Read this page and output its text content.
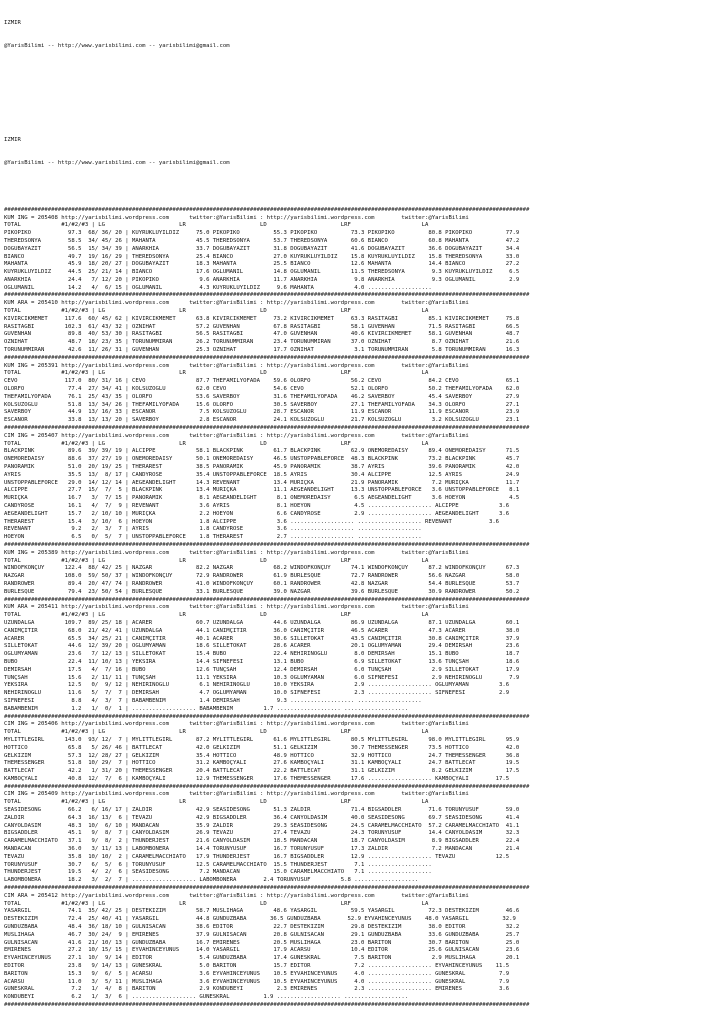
IZMIR

@YarisBilimi -- http://www.yarisbilimi.com -- yarisbilimi@gmail.com

IZMIR

@YarisBilimi -- http://www.yarisbilimi.com -- yarisbilimi@gmail.com

############################################################################################################################################################
KUM ING = 205408 http://yarisbilimi.wordpress.com      twitter:@YarisBilimi : http://yarisbilimi.wordpress.com        twitter:@YarisBilimi
TOTAL            #1/#2/#3 | LG                      LR                      LD                      LRF                     LA
PIKOPIKO           97.3  68/ 36/ 20 | KUYRUKLUYILDIZ     75.0 PIKOPIKO          55.3 PIKOPIKO          73.3 PIKOPIKO          80.8 PIKOPIKO          77.9
THEREDSONYA        58.5  34/ 45/ 26 | MAHANTA            45.5 THEREDSONYA       53.7 THEREDSONYA       60.6 BIANCO            60.8 MAHANTA           47.2
DOGUBAYAZIT        56.5  15/ 34/ 39 | ANARKHIA           33.7 DOGUBAYAZIT       31.8 DOGUBAYAZIT       41.6 DOGUBAYAZIT       36.6 DOGUBAYAZIT       34.4
BIANCO             49.7  19/ 16/ 29 | THEREDSONYA        25.4 BIANCO            27.0 KUYRUKLUYILDIZ    15.8 KUYRUKLUYILDIZ    15.8 THEREDSONYA       33.0
MAHANTA            45.9  18/ 20/ 27 | DOGUBAYAZIT        18.3 MAHANTA           25.5 BIANCO            12.6 MAHANTA           14.4 BIANCO            27.2
KUYRUKLUYILDIZ     44.5  25/ 21/ 14 | BIANCO             17.6 OGLUMANIL         14.8 OGLUMANIL         11.5 THEREDSONYA        9.3 KUYRUKLUYILDIZ     6.5
ANARKHIA           24.4   7/ 12/ 20 | PIKOPIKO            9.6 ANARKHIA          11.7 ANARKHIA           9.8 ANARKHIA           9.3 OGLUMANIL          2.9
OGLUMANIL          14.2   4/  6/ 15 | OGLUMANIL           4.3 KUYRUKLUYILDIZ     9.6 MAHANTA            4.0 ...................
############################################################################################################################################################
KUM ARA = 205410 http://yarisbilimi.wordpress.com      twitter:@YarisBilimi : http://yarisbilimi.wordpress.com        twitter:@YarisBilimi
TOTAL            #1/#2/#3 | LG                      LR                      LD                      LRF                     LA
KIVIRCIKMEMET     117.6  60/ 45/ 62 | KIVIRCIKMEMET      63.8 KIVIRCIKMEMET     73.2 KIVIRCIKMEMET     63.3 RASITAGBI         85.1 KIVIRCIKMEMET     75.8
RASITAGBI         102.3  61/ 43/ 32 | ÖZNIHAT            57.2 GÜVENHAN          67.8 RASITAGBI         58.1 GÜVENHAN          71.5 RASITAGBI         66.5
GÜVENHAN           89.8  40/ 53/ 30 | RASITAGBI          56.5 RASITAGBI         47.0 GÜVENHAN          40.6 KIVIRCIKMEMET     58.1 GÜVENHAN          48.7
ÖZNIHAT            48.7  18/ 23/ 35 | TORUNUMMIRAN       26.2 TORUNUMMIRAN      23.4 TORUNUMMIRAN      37.0 ÖZNIHAT            8.7 ÖZNIHAT           21.6
TORUNUMMIRAN       42.6  11/ 26/ 31 | GÜVENHAN           25.3 ÖZNIHAT           17.7 ÖZNIHAT            3.1 TORUNUMMIRAN       5.8 TORUNUMMIRAN      16.3
############################################################################################################################################################
KUM ING = 205391 http://yarisbilimi.wordpress.com      twitter:@YarisBilimi : http://yarisbilimi.wordpress.com        twitter:@YarisBilimi
TOTAL            #1/#2/#3 | LG                      LR                      LD                      LRF                     LA
CEVO              117.0  80/ 31/ 16 | CEVO               87.7 THEFAMILYOFADA    59.6 OLORFO            56.2 CEVO              84.2 CEVO              65.1
OLORFO             77.4  27/ 34/ 41 | KOLSUZOGLU         62.0 CEVO              54.6 CEVO              52.1 OLORFO            50.2 THEFAMILYOFADA    62.0
THEFAMILYOFADA     76.1  25/ 43/ 35 | OLORFO             53.6 SAVERBOY          31.6 THEFAMILYOFADA    46.2 SAVERBOY          45.4 SAVERBOY          27.9
KOLSUZOGLU         51.8  13/ 34/ 26 | THEFAMILYOFADA     15.6 OLORFO            30.5 SAVERBOY          27.1 THEFAMILYOFADA    34.3 OLORFO            27.1
SAVERBOY           44.9  13/ 16/ 33 | ESCANOR             7.5 KOLSUZOGLU        28.7 ESCANOR           11.9 ESCANOR           11.9 ESCANOR           23.9
ESCANOR            33.8  13/ 13/ 20 | SAVERBOY            2.8 ESCANOR           24.1 KOLSUZOGLU        21.7 KOLSUZOGLU         3.2 KOLSUZOGLU        23.1
############################################################################################################################################################
CIM ING = 205407 http://yarisbilimi.wordpress.com      twitter:@YarisBilimi : http://yarisbilimi.wordpress.com        twitter:@YarisBilimi
TOTAL            #1/#2/#3 | LG                      LR                      LD                      LRF                     LA
BLACKPINK          89.6  39/ 39/ 19 | ALCIPPE            58.1 BLACKPINK         61.7 BLACKPINK         62.9 ONEMOREDAISY      89.4 ONEMOREDAISY      71.5
ONEMOREDAISY       88.6  37/ 27/ 19 | ONEMOREDAISY       50.1 ONEMOREDAISY      46.5 UNSTOPPABLEFORCE  48.3 BLACKPINK         73.2 BLACKPINK         45.7
PANORAMIK          51.0  20/ 19/ 25 | THERAREST          38.5 PANORAMIK         45.9 PANORAMIK         38.7 AYRIS             39.6 PANORAMIK         42.0
AYRIS              35.5  13/  8/ 17 | CANDYROSE          35.4 UNSTOPPABLEFORCE  18.5 AYRIS             30.4 ALCIPPE           12.5 AYRIS             24.9
UNSTOPPABLEFORCE   29.0  14/ 12/ 14 | AEGEANDELIGHT      14.3 REVENANT          13.4 MURIÇKA           21.9 PANORAMIK          7.2 MURIÇKA           11.7
ALCIPPE            27.7  15/  7/  5 | BLACKPINK          13.4 MURIÇKA           11.1 AEGEANDELIGHT     13.3 UNSTOPPABLEFORCE   3.6 UNSTOPPABLEFORCE   8.1
MURIÇKA            16.7   3/  7/ 15 | PANORAMIK           8.1 AEGEANDELIGHT      8.1 ONEMOREDAISY       6.5 AEGEANDELIGHT      3.6 HOEYON             4.5
CANDYROSE          16.1   4/  7/  9 | REVENANT            3.6 AYRIS              8.1 HOEYON             4.5 ................... ALCIPPE            3.6
AEGEANDELIGHT      15.7   2/ 10/ 10 | MURIÇKA             2.2 HOEYON             6.6 CANDYROSE          2.9 ................... AEGEANDELIGHT      3.6
THERAREST          15.4   3/ 10/  6 | HOEYON              1.8 ALCIPPE            3.6 ................... ................... REVENANT           3.6
REVENANT            9.2   2/  3/  7 | AYRIS               1.8 CANDYROSE          3.6 ................... ...................
HOEYON              6.5   0/  5/  7 | UNSTOPPABLEFORCE    1.8 THERAREST          2.7 ................... ...................
############################################################################################################################################################
KUM ING = 205389 http://yarisbilimi.wordpress.com      twitter:@YarisBilimi : http://yarisbilimi.wordpress.com        twitter:@YarisBilimi
TOTAL            #1/#2/#3 | LG                      LR                      LD                      LRF                     LA
WINDOFKONÇUY      122.4  88/ 42/ 25 | NAZGAR             82.2 NAZGAR            68.2 WINDOFKONÇUY      74.1 WINDOFKONÇUY      87.2 WINDOFKONÇUY      67.3
NAZGAR            108.0  59/ 50/ 37 | WINDOFKONÇUY       72.9 RANDROWER         61.9 BURLESQUE         72.7 RANDROWER         56.6 NAZGAR            58.0
RANDROWER          89.4  20/ 47/ 74 | RANDROWER          41.0 WINDOFKONÇUY      60.1 RANDROWER         42.8 NAZGAR            54.4 BURLESQUE         53.7
BURLESQUE          79.4  23/ 50/ 54 | BURLESQUE          33.1 BURLESQUE         39.0 NAZGAR            39.6 BURLESQUE         30.9 RANDROWER         50.2
############################################################################################################################################################
KUM ARA = 205411 http://yarisbilimi.wordpress.com      twitter:@YarisBilimi : http://yarisbilimi.wordpress.com        twitter:@YarisBilimi
TOTAL            #1/#2/#3 | LG                      LR                      LD                      LRF                     LA
UZUNDALGA         109.7  89/ 25/ 18 | ACARER             60.7 UZUNDALGA         44.6 UZUNDALGA         86.9 UZUNDALGA         87.1 UZUNDALGA         60.1
CANIMÇITIR         68.0  21/ 42/ 41 | UZUNDALGA          44.1 CANIMÇITIR        36.0 CANIMÇITIR        46.5 ACARER            47.3 ACARER            38.0
ACARER             65.5  34/ 25/ 21 | CANIMÇITIR         40.1 ACARER            30.6 SILLETOKAT        43.5 CANIMÇITIR        30.8 CANIMÇITIR        37.9
SILLETOKAT         44.6  12/ 39/ 20 | OGLUMYAMAN         18.6 SILLETOKAT        28.6 ACARER            20.1 OGLUMYAMAN        29.4 DEMIRSAH          23.6
OGLUMYAMAN         23.6   7/ 12/ 13 | SILLETOKAT         15.4 BUBO              22.4 NEHIRINOGLU        8.0 DEMIRSAH          15.1 BUBO              18.7
BUBO               22.4  11/ 10/ 13 | YEKSIRA            14.4 SIFNEFESI         13.1 BUBO               6.9 SILLETOKAT        13.6 TUNÇSAH           18.6
DEMIRSAH           17.5   4/  7/ 16 | BUBO               12.6 TUNÇSAH           12.4 DEMIRSAH           6.0 TUNÇSAH            2.9 SILLETOKAT        17.9
TUNÇSAH            15.6   2/ 11/ 11 | TUNÇSAH            11.1 YEKSIRA           10.3 OGLUMYAMAN         6.0 SIFNEFESI          2.9 NEHIRINOGLU        7.9
YEKSIRA            12.5   0/  9/ 12 | NEHIRINOGLU         6.1 NEHIRINOGLU       10.0 YEKSIRA            2.9 ................... OGLUMYAMAN         3.6
NEHIRINOGLU        11.6   5/  7/  7 | DEMIRSAH            4.7 OGLUMYAMAN        10.0 SIFNEFESI          2.3 ................... SIFNEFESI          2.9
SIFNEFESI           8.8   4/  3/  7 | BABAMBENIM          1.4 DEMIRSAH           9.3 ................... ...................
BABAMBENIM          1.2   1/  0/  1 | ................... BABAMBENIM         1.7 ................... ...................
############################################################################################################################################################
CIM ING = 205406 http://yarisbilimi.wordpress.com      twitter:@YarisBilimi : http://yarisbilimi.wordpress.com        twitter:@YarisBilimi
TOTAL            #1/#2/#3 | LG                      LR                      LD                      LRF                     LA
MYLITTLEGIRL      143.0  93/ 12/  7 | MYLITTLEGIRL       87.2 MYLITTLEGIRL      61.6 MYLITTLEGIRL      80.5 MYLITTLEGIRL      98.0 MYLITTLEGIRL      95.9
HOTTICO            65.8   5/ 26/ 46 | BATTLECAT          42.0 GELKIZIM          51.1 GELKIZIM          30.7 THEMESSENGER      73.5 HOTTICO           42.0
GELKIZIM           57.3  12/ 28/ 27 | GELKIZIM           35.4 HOTTICO           48.9 HOTTICO           32.9 HOTTICO           24.7 THEMESSENGER      36.8
THEMESSENGER       51.8  10/ 29/  7 | HOTTICO            31.2 KAMBOÇYALI        27.6 KAMBOÇYALI        31.1 KAMBOÇYALI        24.7 BATTLECAT         19.5
BATTLECAT          42.2   1/ 31/ 20 | THEMESSENGER       20.4 BATTLECAT         22.2 BATTLECAT         31.1 GELKIZIM           8.2 GELKIZIM          17.5
KAMBOÇYALI         40.8  12/  7/  6 | KAMBOÇYALI         12.9 THEMESSENGER      17.6 THEMESSENGER      17.6 ................... KAMBOÇYALI        17.5
############################################################################################################################################################
CIM ING = 205409 http://yarisbilimi.wordpress.com      twitter:@YarisBilimi : http://yarisbilimi.wordpress.com        twitter:@YarisBilimi
TOTAL            #1/#2/#3 | LG                      LR                      LD                      LRF                     LA
SEASIDESONG        66.2   6/ 16/ 17 | ZALDIR             42.9 SEASIDESONG       51.3 ZALDIR            71.4 BIGSADDLER        71.6 TORUNYUSUF        59.0
ZALDIR             64.3  16/ 13/  6 | TEVAZU             42.9 BIGSADDLER        36.4 CANYOLDASIM       40.0 SEASIDESONG       69.7 SEASIDESONG       41.4
CANYOLDASIM        48.3  10/  6/ 10 | MANDACAN           35.9 ZALDIR            29.3 SEASIDESONG       24.5 CARAMELMACCHIATO  57.2 CARAMELMACCHIATO  41.1
BIGSADDLER         45.1   9/  8/  7 | CANYOLDASIM        26.9 TEVAZU            27.4 TEVAZU            24.3 TORUNYUSUF        14.4 CANYOLDASIM       32.3
CARAMELMACCHIATO   37.1   9/  8/  2 | THUNDERJEST        21.6 CANYOLDASIM       18.5 MANDACAN          18.7 CANYOLDASIM        8.9 BIGSADDLER        22.4
MANDACAN           36.0   3/ 11/ 13 | LABOMBONERA        14.4 TORUNYUSUF        16.7 TORUNYUSUF        17.3 ZALDIR             7.2 MANDACAN          21.4
TEVAZU             35.8  10/ 10/  2 | CARAMELMACCHIATO   17.9 THUNDERJEST       16.7 BIGSADDLER        12.9 ................... TEVAZU            12.5
TORUNYUSUF         30.7   6/  5/  6 | TORUNYUSUF         12.5 CARAMELMACCHIATO  15.5 THUNDERJEST        7.1 ...................
THUNDERJEST        19.5   4/  2/  6 | SEASIDESONG         7.2 MANDACAN          15.0 CARAMELMACCHIATO   7.1 ...................
LABOMBONERA        18.2   3/  2/  7 | ................... LABOMBONERA        2.4 TORUNYUSUF         5.8 ...................
############################################################################################################################################################
CIM ARA = 205412 http://yarisbilimi.wordpress.com      twitter:@YarisBilimi : http://yarisbilimi.wordpress.com        twitter:@YarisBilimi
TOTAL            #1/#2/#3 | LG                      LR                      LD                      LRF                     LA
YASARGIL           74.1  35/ 42/ 25 | DESTEKIZIM         58.7 MUSLIHAGA         48.6 YASARGIL          59.5 YASARGIL          72.3 DESTEKIZIM        46.6
DESTEKIZIM         72.4  25/ 40/ 41 | YASARGIL           44.8 GÜNDÜZBABA       36.5 GÜNDÜZBABA        52.9 EYVAHINCEYUNUS    48.0 YASARGIL          32.9
GÜNDÜZBABA         48.4  36/ 18/ 10 | GÜLNISACAN         38.6 EDITÖR            22.7 DESTEKIZIM        29.8 DESTEKIZIM        38.0 EDITÖR            32.2
MUSLIHAGA          46.7  30/ 24/  9 | EMIRENES           37.9 GÜLNISACAN        20.8 GÜLNISACAN        29.1 GÜNDÜZBABA        33.6 GÜNDÜZBABA        25.7
GÜLNISACAN         41.6  21/ 10/ 13 | GÜNDÜZBABA         16.7 EMIRENES          20.5 MUSLIHAGA         23.0 BARITON           30.7 BARITON           25.0
EMIRENES           27.2  10/ 15/ 15 | EYVAHINCEYUNUS     14.0 YASARGIL          17.9 ACARSU            10.4 EDITÖR            25.6 GÜLNISACAN        23.6
EYVAHINCEYUNUS     27.1  10/  9/ 14 | EDITÖR              5.4 GÜNDÜZBABA        17.4 GÜNESKRAL          7.5 BARITON            2.9 MUSLIHAGA         20.1
EDITÖR             23.8   9/ 14/ 13 | GÜNESKRAL           5.0 BARITON           15.7 EDITÖR             7.2 ................... EYVAHINCEYUNUS    11.5
BARITON            15.3   9/  6/  5 | ACARSU              3.6 EYVAHINCEYUNUS    10.5 EYVAHINCEYUNUS     4.0 ................... GÜNESKRAL          7.9
ACARSU             11.0   3/  5/ 11 | MUSLIHAGA           3.6 EYVAHINCEYUNUS    10.5 EYVAHINCEYUNUS     4.0 ................... GÜNESKRAL          7.9
GÜNESKRAL           7.2   1/  4/  8 | BARITON             2.9 KONDUBEYI          2.3 EMIRENES           2.3 ................... EMIRENES           3.6
KONDUBEYI           6.2   1/  3/  6 | ................... GÜNESKRAL          1.9 ................... ...................
############################################################################################################################################################
